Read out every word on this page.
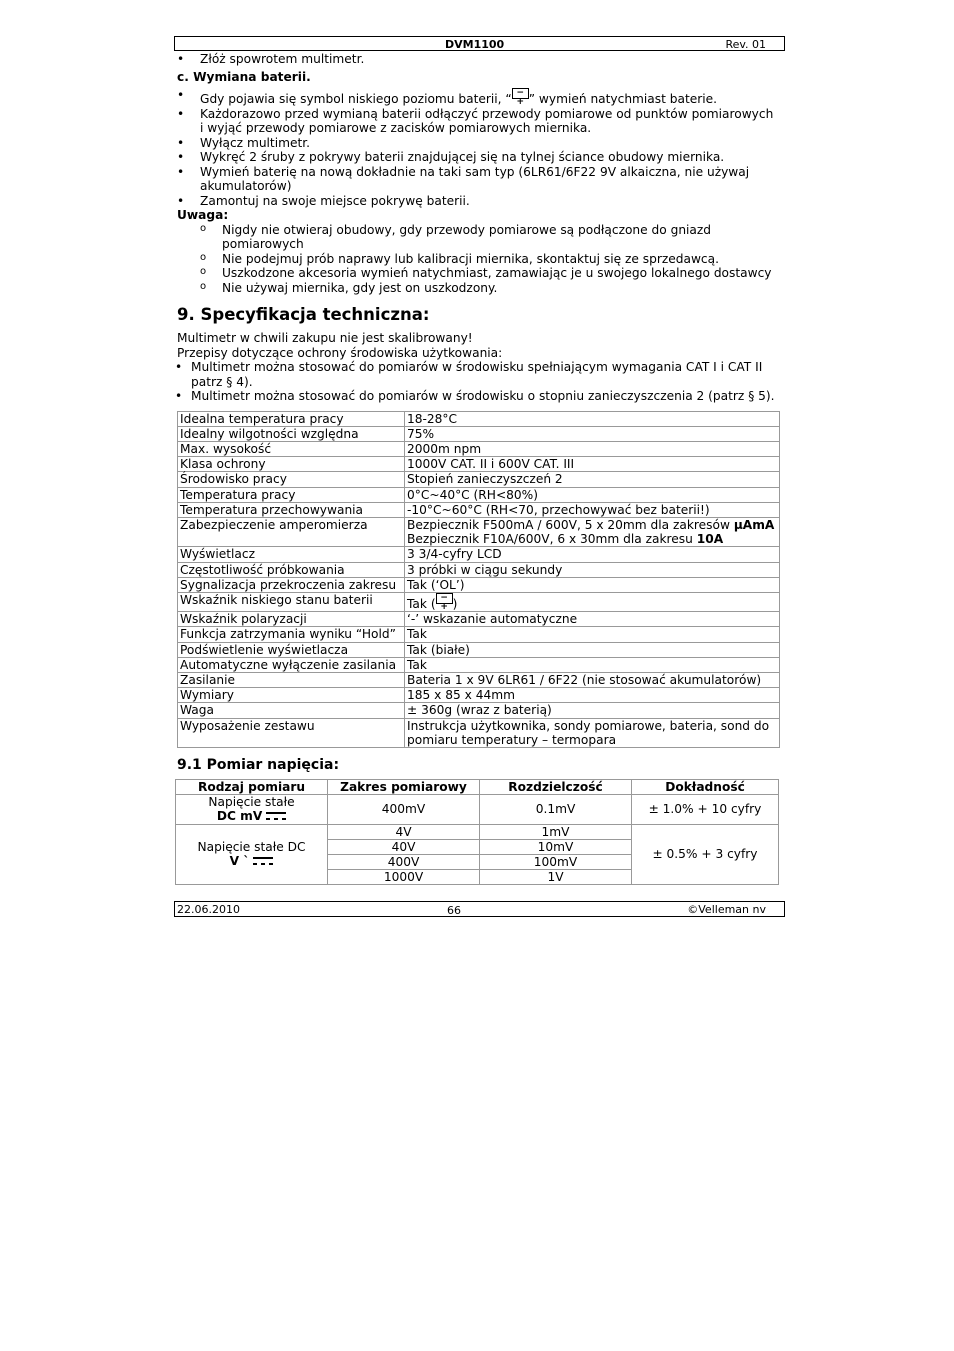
DVM1100	Rev. 01
• Złóż spowrotem multimetr.

c. Wymiana baterii.

• Gdy pojawia się symbol niskiego poziomu baterii, “ −+ ” wymień natychmiast baterie.
• Każdorazowo przed wymianą baterii odłączyć przewody pomiarowe od punktów pomiarowych i wyjąć przewody pomiarowe z zacisków pomiarowych miernika.
• Wyłącz multimetr.
• Wykręć 2 śruby z pokrywy baterii znajdującej się na tylnej ściance obudowy miernika.
• Wymień baterię na nową dokładnie na taki sam typ (6LR61/6F22 9V alkaiczna, nie używaj akumulatorów)
• Zamontuj na swoje miejsce pokrywę baterii.

Uwaga:

o Nigdy nie otwieraj obudowy, gdy przewody pomiarowe są podłączone do gniazd pomiarowych
o Nie podejmuj prób naprawy lub kalibracji miernika, skontaktuj się ze sprzedawcą.
o Uszkodzone akcesoria wymień natychmiast, zamawiając je u swojego lokalnego dostawcy
o Nie używaj miernika, gdy jest on uszkodzony.
9. Specyfikacja techniczna:

Multimetr w chwili zakupu nie jest skalibrowany!

Przepisy dotyczące ochrony środowiska użytkowania:

• Multimetr można stosować do pomiarów w środowisku spełniającym wymagania CAT I i CAT II patrz § 4).
• Multimetr można stosować do pomiarów w środowisku o stopniu zanieczyszczenia 2 (patrz § 5).
Idealna temperatura pracy	18-28°C
Idealny wilgotności względna	75%
Max. wysokość	2000m npm
Klasa ochrony	1000V CAT. II i 600V CAT. III
Środowisko pracy	Stopień zanieczyszczeń 2
Temperatura pracy	0°C~40°C (RH<80%)
Temperatura przechowywania	-10°C~60°C (RH<70, przechowywać bez baterii!)
Zabezpieczenie amperomierza	Bezpiecznik F500mA / 600V, 5 x 20mm dla zakresów µAmA
Bezpiecznik F10A/600V, 6 x 30mm dla zakresu 10A
Wyświetlacz	3 3/4-cyfry LCD
Częstotliwość próbkowania	3 próbki w ciągu sekundy
Sygnalizacja przekroczenia zakresu	Tak (‘OL’)
Wskaźnik niskiego stanu baterii	Tak ( −+ )
Wskaźnik polaryzacji	‘-’ wskazanie automatyczne
Funkcja zatrzymania wyniku “Hold”	Tak
Podświetlenie wyświetlacza	Tak (białe)
Automatyczne wyłączenie zasilania	Tak
Zasilanie	Bateria 1 x 9V 6LR61 / 6F22 (nie stosować akumulatorów)
Wymiary	185 x 85 x 44mm
Waga	± 360g (wraz z baterią)
Wyposażenie zestawu	Instrukcja użytkownika, sondy pomiarowe, bateria, sond do pomiaru temperatury – termopara
9.1 Pomiar napięcia:
Rodzaj pomiaru	Zakres pomiarowy	Rozdzielczość	Dokładność
Napięcie stałe
DC mV	400mV	0.1mV	± 1.0% + 10 cyfry
Napięcie stałe DC
V `	4V	1mV	± 0.5% + 3 cyfry
	40V	10mV	
	400V	100mV	
	1000V	1V	
22.06.2010	66	©Velleman nv
